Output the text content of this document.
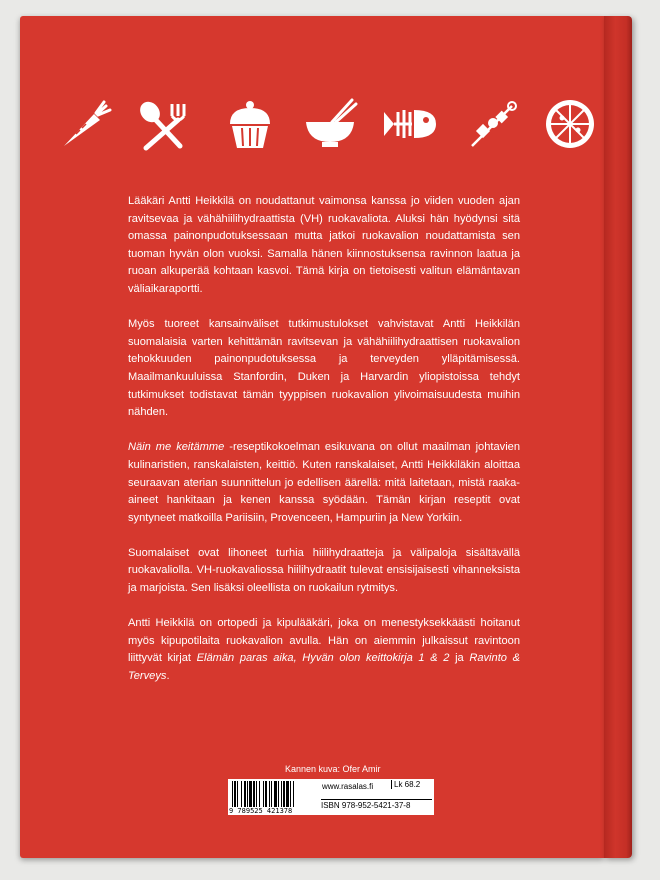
Lääkäri Antti Heikkilä on noudattanut vaimonsa kanssa jo viiden vuoden ajan ravitsevaa ja vähähiilihydraattista (VH) ruokavaliota. Aluksi hän hyödynsi sitä omassa painonpudotuksessaan mutta jatkoi ruokavalion noudattamista sen tuoman hyvän olon vuoksi. Samalla hänen kiinnostuksensa ravinnon laatua ja ruoan alkuperää kohtaan kasvoi. Tämä kirja on tietoisesti valitun elämäntavan väliaikaraportti.

Myös tuoreet kansainväliset tutkimustulokset vahvistavat Antti Heikkilän suomalaisia varten kehittämän ravitsevan ja vähähiilihydraattisen ruokavalion tehokkuuden painonpudotuksessa ja terveyden ylläpitämisessä. Maailmankuuluissa Stanfordin, Duken ja Harvardin yliopistoissa tehdyt tutkimukset todistavat tämän tyyppisen ruokavalion ylivoimaisuudesta muihin nähden.

Näin me keitämme -reseptikokoelman esikuvana on ollut maailman johtavien kulinaristien, ranskalaisten, keittiö. Kuten ranskalaiset, Antti Heikkiläkin aloittaa seuraavan aterian suunnittelun jo edellisen äärellä: mitä laitetaan, mistä raaka-aineet hankitaan ja kenen kanssa syödään. Tämän kirjan reseptit ovat syntyneet matkoilla Pariisiin, Provenceen, Hampuriin ja New Yorkiin.

Suomalaiset ovat lihoneet turhia hiilihydraatteja ja välipaloja sisältävällä ruokavaliolla. VH-ruokavaliossa hiilihydraatit tulevat ensisijaisesti vihanneksista ja marjoista. Sen lisäksi oleellista on ruokailun rytmitys.

Antti Heikkilä on ortopedi ja kipulääkäri, joka on menestyksekkäästi hoitanut myös kipupotilaita ruokavalion avulla. Hän on aiemmin julkaissut ravintoon liittyvät kirjat Elämän paras aika, Hyvän olon keittokirja 1 & 2 ja Ravinto & Terveys.

Kannen kuva: Ofer Amir
9 789525 421378
www.rasalas.fi	Lk 68.2
ISBN 978-952-5421-37-8
